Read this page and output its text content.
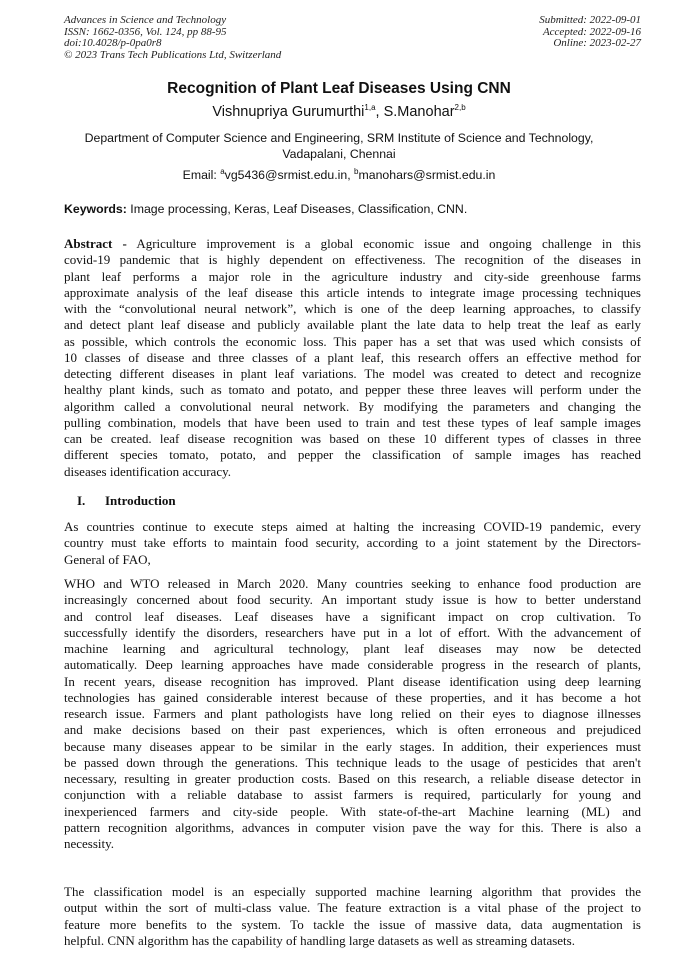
Advances in Science and Technology
ISSN: 1662-0356, Vol. 124, pp 88-95
doi:10.4028/p-0pa0r8
© 2023 Trans Tech Publications Ltd, Switzerland
Submitted: 2022-09-01
Accepted: 2022-09-16
Online: 2023-02-27
Recognition of Plant Leaf Diseases Using CNN
Vishnupriya Gurumurthi$^{1,a}$, S.Manohar$^{2,b}$
Department of Computer Science and Engineering, SRM Institute of Science and Technology,
Vadapalani, Chennai
Email: $^a$vg5436@srmist.edu.in, $^b$manohars@srmist.edu.in
Keywords: Image processing, Keras, Leaf Diseases, Classification, CNN.
Abstract - Agriculture improvement is a global economic issue and ongoing challenge in this
covid-19 pandemic that is highly dependent on effectiveness. The recognition of the diseases in
plant leaf performs a major role in the agriculture industry and city-side greenhouse farms
approximate analysis of the leaf disease this article intends to integrate image processing techniques
with the “convolutional neural network”, which is one of the deep learning approaches, to classify
and detect plant leaf disease and publicly available plant the late data to help treat the leaf as early
as possible, which controls the economic loss. This paper has a set that was used which consists of
10 classes of disease and three classes of a plant leaf, this research offers an effective method for
detecting different diseases in plant leaf variations. The model was created to detect and recognize
healthy plant kinds, such as tomato and potato, and pepper these three leaves will perform under the
algorithm called a convolutional neural network. By modifying the parameters and changing the
pulling combination, models that have been used to train and test these types of leaf sample images
can be created. leaf disease recognition was based on these 10 different types of classes in three
different species tomato, potato, and pepper the classification of sample images has reached
diseases identification accuracy.
I. Introduction
As countries continue to execute steps aimed at halting the increasing COVID-19 pandemic, every
country must take efforts to maintain food security, according to a joint statement by the Directors-
General of FAO,
WHO and WTO released in March 2020. Many countries seeking to enhance food production are
increasingly concerned about food security. An important study issue is how to better understand
and control leaf diseases. Leaf diseases have a significant impact on crop cultivation. To
successfully identify the disorders, researchers have put in a lot of effort. With the advancement of
machine learning and agricultural technology, plant leaf diseases may now be detected
automatically. Deep learning approaches have made considerable progress in the research of plants,
In recent years, disease recognition has improved. Plant disease identification using deep learning
technologies has gained considerable interest because of these properties, and it has become a hot
research issue. Farmers and plant pathologists have long relied on their eyes to diagnose illnesses
and make decisions based on their past experiences, which is often erroneous and prejudiced
because many diseases appear to be similar in the early stages. In addition, their experiences must
be passed down through the generations. This technique leads to the usage of pesticides that aren't
necessary, resulting in greater production costs. Based on this research, a reliable disease detector in
conjunction with a reliable database to assist farmers is required, particularly for young and
inexperienced farmers and city-side people. With state-of-the-art Machine learning (ML) and
pattern recognition algorithms, advances in computer vision pave the way for this. There is also a
necessity.
The classification model is an especially supported machine learning algorithm that provides the
output within the sort of multi-class value. The feature extraction is a vital phase of the project to
feature more benefits to the system. To tackle the issue of massive data, data augmentation is
helpful. CNN algorithm has the capability of handling large datasets as well as streaming datasets.
